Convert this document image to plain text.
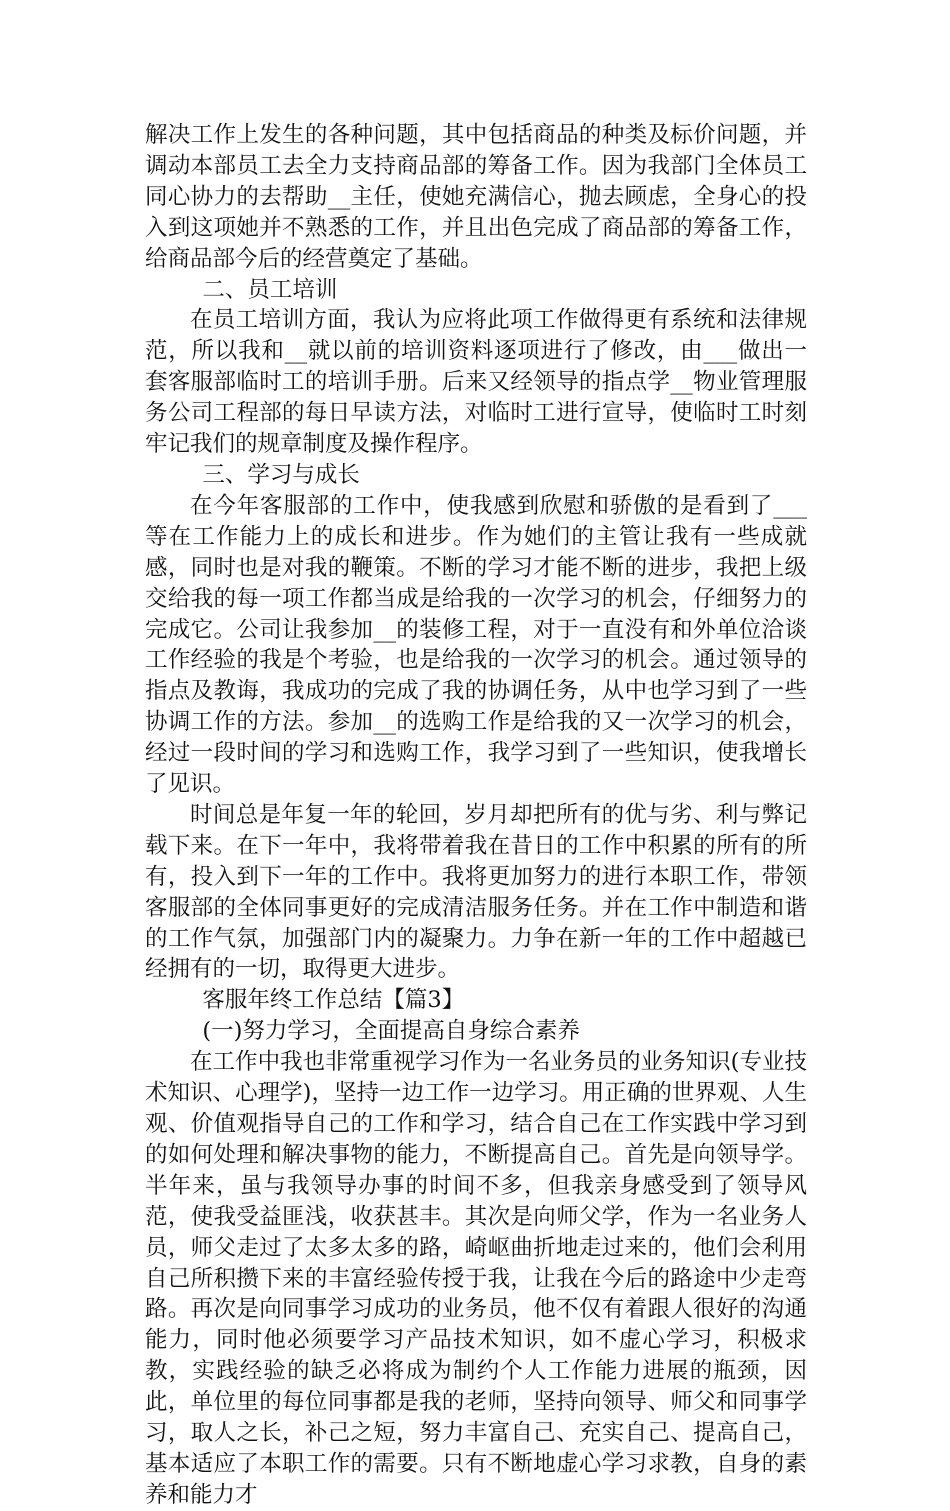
解决工作上发生的各种问题，其中包括商品的种类及标价问题，并调动本部员工去全力支持商品部的筹备工作。因为我部门全体员工同心协力的去帮助__主任，使她充满信心，抛去顾虑，全身心的投入到这项她并不熟悉的工作，并且出色完成了商品部的筹备工作，给商品部今后的经营奠定了基础。

二、员工培训

在员工培训方面，我认为应将此项工作做得更有系统和法律规范，所以我和__就以前的培训资料逐项进行了修改，由___做出一套客服部临时工的培训手册。后来又经领导的指点学__物业管理服务公司工程部的每日早读方法，对临时工进行宣导，使临时工时刻牢记我们的规章制度及操作程序。

三、学习与成长

在今年客服部的工作中，使我感到欣慰和骄傲的是看到了___等在工作能力上的成长和进步。作为她们的主管让我有一些成就感，同时也是对我的鞭策。不断的学习才能不断的进步，我把上级交给我的每一项工作都当成是给我的一次学习的机会，仔细努力的完成它。公司让我参加__的装修工程，对于一直没有和外单位洽谈工作经验的我是个考验，也是给我的一次学习的机会。通过领导的指点及教诲，我成功的完成了我的协调任务，从中也学习到了一些协调工作的方法。参加__的选购工作是给我的又一次学习的机会，经过一段时间的学习和选购工作，我学习到了一些知识，使我增长了见识。

时间总是年复一年的轮回，岁月却把所有的优与劣、利与弊记载下来。在下一年中，我将带着我在昔日的工作中积累的所有的所有，投入到下一年的工作中。我将更加努力的进行本职工作，带领客服部的全体同事更好的完成清洁服务任务。并在工作中制造和谐的工作气氛，加强部门内的凝聚力。力争在新一年的工作中超越已经拥有的一切，取得更大进步。

客服年终工作总结【篇3】

(一)努力学习，全面提高自身综合素养

在工作中我也非常重视学习作为一名业务员的业务知识(专业技术知识、心理学)，坚持一边工作一边学习。用正确的世界观、人生观、价值观指导自己的工作和学习，结合自己在工作实践中学习到的如何处理和解决事物的能力，不断提高自己。首先是向领导学。半年来，虽与我领导办事的时间不多，但我亲身感受到了领导风范，使我受益匪浅，收获甚丰。其次是向师父学，作为一名业务人员，师父走过了太多太多的路，崎岖曲折地走过来的，他们会利用自己所积攒下来的丰富经验传授于我，让我在今后的路途中少走弯路。再次是向同事学习成功的业务员，他不仅有着跟人很好的沟通能力，同时他必须要学习产品技术知识，如不虚心学习，积极求教，实践经验的缺乏必将成为制约个人工作能力进展的瓶颈，因此，单位里的每位同事都是我的老师，坚持向领导、师父和同事学习，取人之长，补己之短，努力丰富自己、充实自己、提高自己，基本适应了本职工作的需要。只有不断地虚心学习求教，自身的素养和能力才
